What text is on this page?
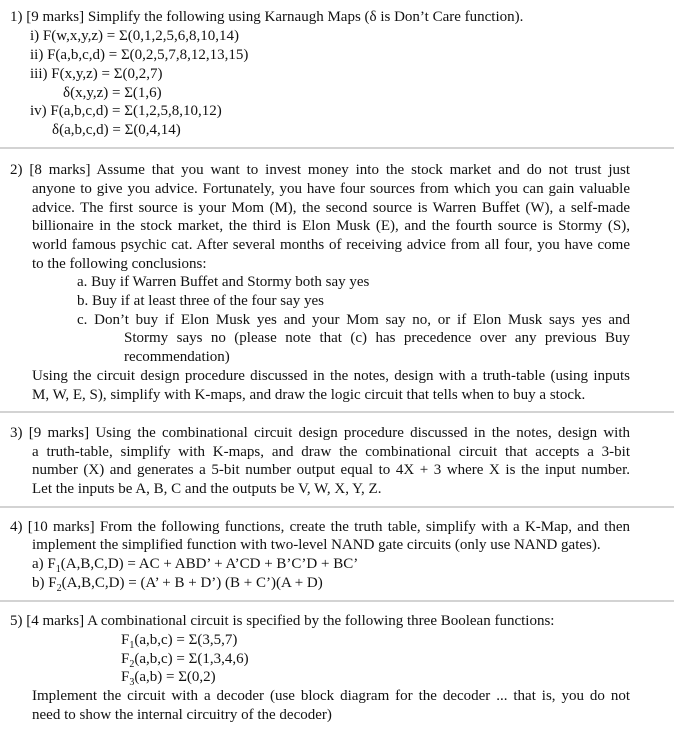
1) [9 marks] Simplify the following using Karnaugh Maps (δ is Don’t Care function).
i) F(w,x,y,z) = Σ(0,1,2,5,6,8,10,14)
ii) F(a,b,c,d) = Σ(0,2,5,7,8,12,13,15)
iii) F(x,y,z) = Σ(0,2,7)
δ(x,y,z) = Σ(1,6)
iv) F(a,b,c,d) = Σ(1,2,5,8,10,12)
δ(a,b,c,d) = Σ(0,4,14)
2) [8 marks] Assume that you want to invest money into the stock market and do not trust just
anyone to give you advice. Fortunately, you have four sources from which you can gain valuable
advice. The first source is your Mom (M), the second source is Warren Buffet (W), a self-made
billionaire in the stock market, the third is Elon Musk (E), and the fourth source is Stormy (S),
world famous psychic cat. After several months of receiving advice from all four, you have come
to the following conclusions:
a. Buy if Warren Buffet and Stormy both say yes
b. Buy if at least three of the four say yes
c. Don’t buy if Elon Musk yes and your Mom say no, or if Elon Musk says yes and
Stormy says no (please note that (c) has precedence over any previous Buy
recommendation)
Using the circuit design procedure discussed in the notes, design with a truth-table (using inputs
M, W, E, S), simplify with K-maps, and draw the logic circuit that tells when to buy a stock.
3) [9 marks] Using the combinational circuit design procedure discussed in the notes, design with
a truth-table, simplify with K-maps, and draw the combinational circuit that accepts a 3-bit
number (X) and generates a 5-bit number output equal to 4X + 3 where X is the input number.
Let the inputs be A, B, C and the outputs be V, W, X, Y, Z.
4) [10 marks] From the following functions, create the truth table, simplify with a K-Map, and then
implement the simplified function with two-level NAND gate circuits (only use NAND gates).
a) $F_1(A,B,C,D)$ = AC + ABD’ + A’CD + B’C’D + BC’
b) $F_2(A,B,C,D) = (A$’ + B + D’) (B + C’)(A + D)
5) [4 marks] A combinational circuit is specified by the following three Boolean functions:
$F_1(a,b,c) = \Sigma(3,5,7)$
$F_2(a,b,c) = \Sigma(1,3,4,6)$
$F_3(a,b) = \Sigma(0,2)$
Implement the circuit with a decoder (use block diagram for the decoder ... that is, you do not
need to show the internal circuitry of the decoder)
